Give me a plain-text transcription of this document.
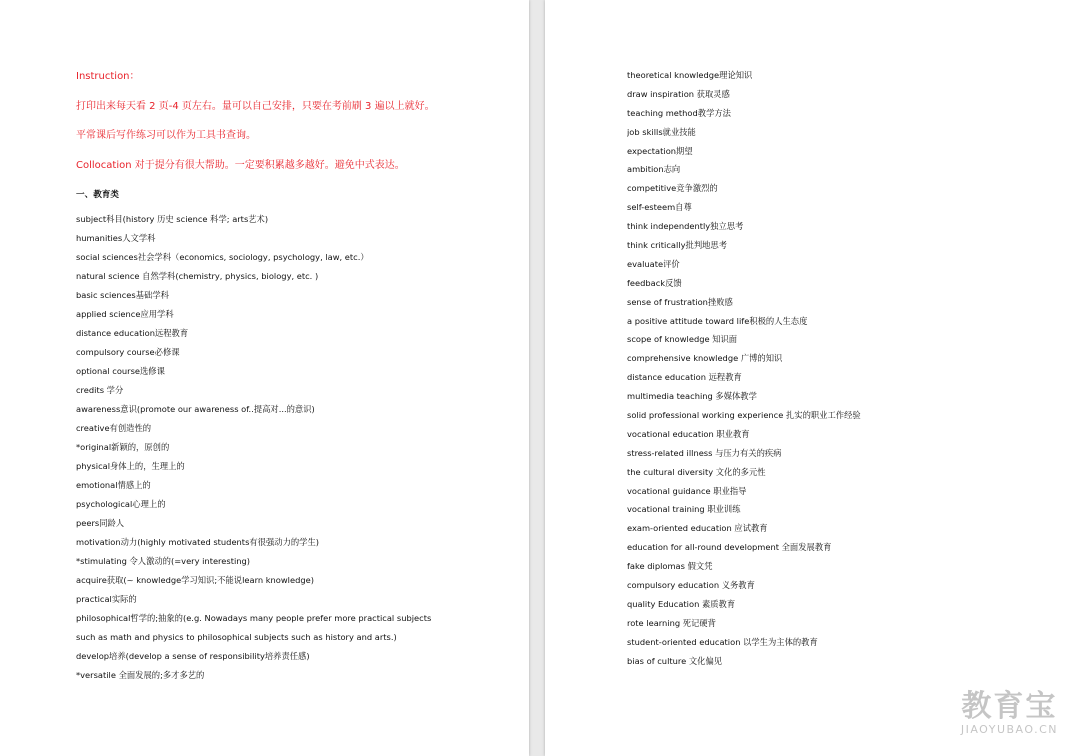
Instruction：
打印出来每天看 2 页-4 页左右。量可以自己安排，只要在考前刷 3 遍以上就好。
平常课后写作练习可以作为工具书查询。
Collocation 对于提分有很大帮助。一定要积累越多越好。避免中式表达。
一、教育类
subject科目(history 历史 science 科学; arts艺术)
humanities人文学科
social sciences社会学科（economics, sociology, psychology, law, etc.）
natural science 自然学科(chemistry, physics, biology, etc. )
basic sciences基础学科
applied science应用学科
distance education远程教育
compulsory course必修课
optional course选修课
credits 学分
awareness意识(promote our awareness of..提高对...的意识)
creative有创造性的
*original新颖的，原创的
physical身体上的，生理上的
emotional情感上的
psychological心理上的
peers同龄人
motivation动力(highly motivated students有很强动力的学生)
*stimulating 令人激动的(=very interesting)
acquire获取(~ knowledge学习知识;不能说learn knowledge)
practical实际的
philosophical哲学的;抽象的(e.g. Nowadays many people prefer more practical subjects
such as math and physics to philosophical subjects such as history and arts.)
develop培养(develop a sense of responsibility培养责任感)
*versatile 全面发展的;多才多艺的
theoretical knowledge理论知识
draw inspiration 获取灵感
teaching method教学方法
job skills就业技能
expectation期望
ambition志向
competitive竞争激烈的
self-esteem自尊
think independently独立思考
think critically批判地思考
evaluate评价
feedback反馈
sense of frustration挫败感
a positive attitude toward life积极的人生态度
scope of knowledge 知识面
comprehensive knowledge 广博的知识
distance education 远程教育
multimedia teaching 多媒体教学
solid professional working experience 扎实的职业工作经验
vocational education 职业教育
stress-related illness 与压力有关的疾病
the cultural diversity 文化的多元性
vocational guidance 职业指导
vocational training 职业训练
exam-oriented education 应试教育
education for all-round development 全面发展教育
fake diplomas 假文凭
compulsory education 义务教育
quality Education 素质教育
rote learning 死记硬背
student-oriented education 以学生为主体的教育
bias of culture 文化偏见
教育宝
JIAOYUBAO.CN
